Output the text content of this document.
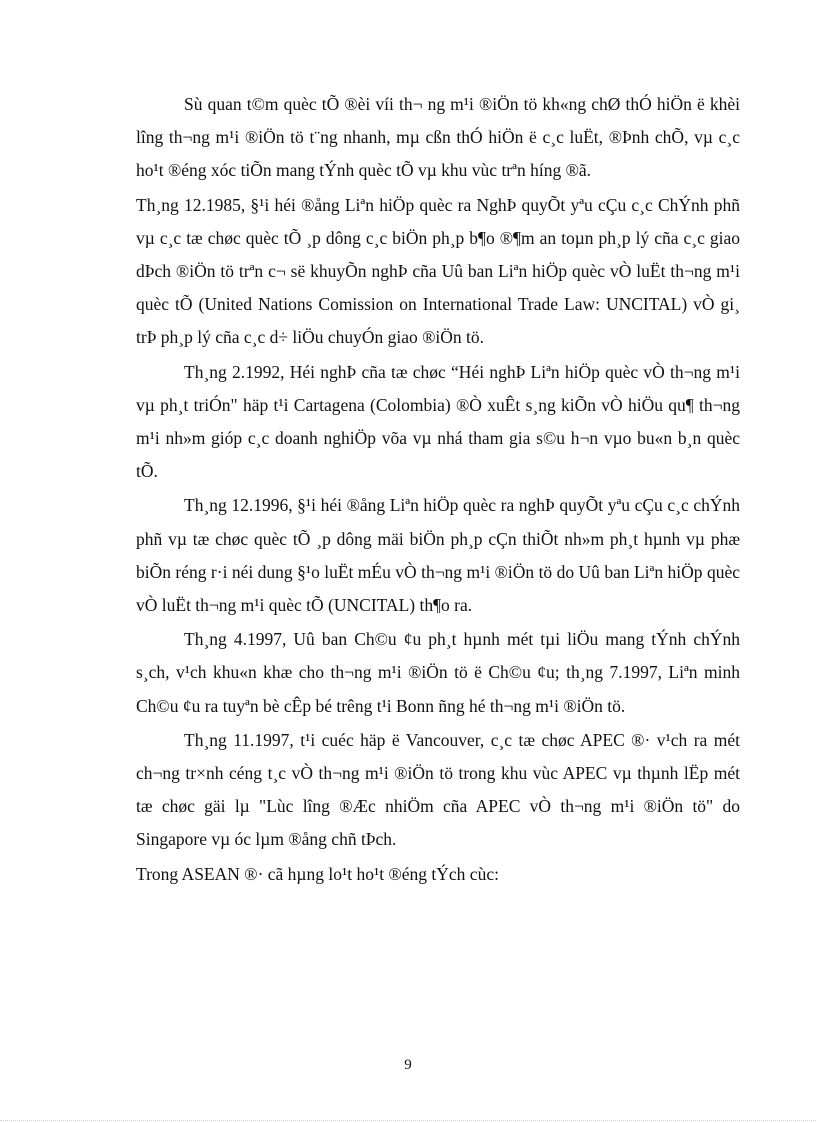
Sù quan t©m quèc tÕ ®èi víi th¬ ng m¹i ®iÖn tö kh«ng chØ thÓ hiÖn ë khèi lîng th¬ng m¹i ®iÖn tö t¨ng nhanh, mµ cßn thÓ hiÖn ë c¸c luËt, ®Þnh chÕ, vµ c¸c ho¹t ®éng xóc tiÕn mang tÝnh quèc tÕ vµ khu vùc trªn híng ®ã.

Th¸ng 12.1985, §¹i héi ®ång Liªn hiÖp quèc ra NghÞ quyÕt yªu cÇu c¸c ChÝnh phñ vµ c¸c tæ chøc quèc tÕ ¸p dông c¸c biÖn ph¸p b¶o ®¶m an toµn ph¸p lý cña c¸c giao dÞch ®iÖn tö trªn c¬ së khuyÕn nghÞ cña Uû ban Liªn hiÖp quèc vÒ luËt th¬ng m¹i quèc tÕ (United Nations Comission on International Trade Law: UNCITAL) vÒ gi¸ trÞ ph¸p lý cña c¸c d÷ liÖu chuyÓn giao ®iÖn tö.

Th¸ng 2.1992, Héi nghÞ cña tæ chøc “Héi nghÞ Liªn hiÖp quèc vÒ th¬ng m¹i vµ ph¸t triÓn" häp t¹i Cartagena (Colombia) ®Ò xuÊt s¸ng kiÕn vÒ hiÖu qu¶ th¬ng m¹i nh»m gióp c¸c doanh nghiÖp võa vµ nhá tham gia s©u h¬n vµo bu«n b¸n quèc tÕ.

Th¸ng 12.1996, §¹i héi ®ång Liªn hiÖp quèc ra nghÞ quyÕt yªu cÇu c¸c chÝnh phñ vµ tæ chøc quèc tÕ ¸p dông mäi biÖn ph¸p cÇn thiÕt nh»m ph¸t hµnh vµ phæ biÕn réng r·i néi dung §¹o luËt mÉu vÒ th¬ng m¹i ®iÖn tö do Uû ban Liªn hiÖp quèc vÒ luËt th¬ng m¹i quèc tÕ (UNCITAL) th¶o ra.

Th¸ng 4.1997, Uû ban Ch©u ¢u ph¸t hµnh mét tµi liÖu mang tÝnh chÝnh s¸ch, v¹ch khu«n khæ cho th¬ng m¹i ®iÖn tö ë Ch©u ¢u; th¸ng 7.1997, Liªn minh Ch©u ¢u ra tuyªn bè cÊp bé trêng t¹i Bonn ñng hé th¬ng m¹i ®iÖn tö.

Th¸ng 11.1997, t¹i cuéc häp ë Vancouver, c¸c tæ chøc APEC ®· v¹ch ra mét ch¬ng tr×nh céng t¸c vÒ th¬ng m¹i ®iÖn tö trong khu vùc APEC vµ thµnh lËp mét tæ chøc gäi lµ "Lùc lîng ®Æc nhiÖm cña APEC vÒ th¬ng m¹i ®iÖn tö" do Singapore vµ óc lµm ®ång chñ tÞch.

Trong ASEAN ®· cã hµng lo¹t ho¹t ®éng tÝch cùc:

9
